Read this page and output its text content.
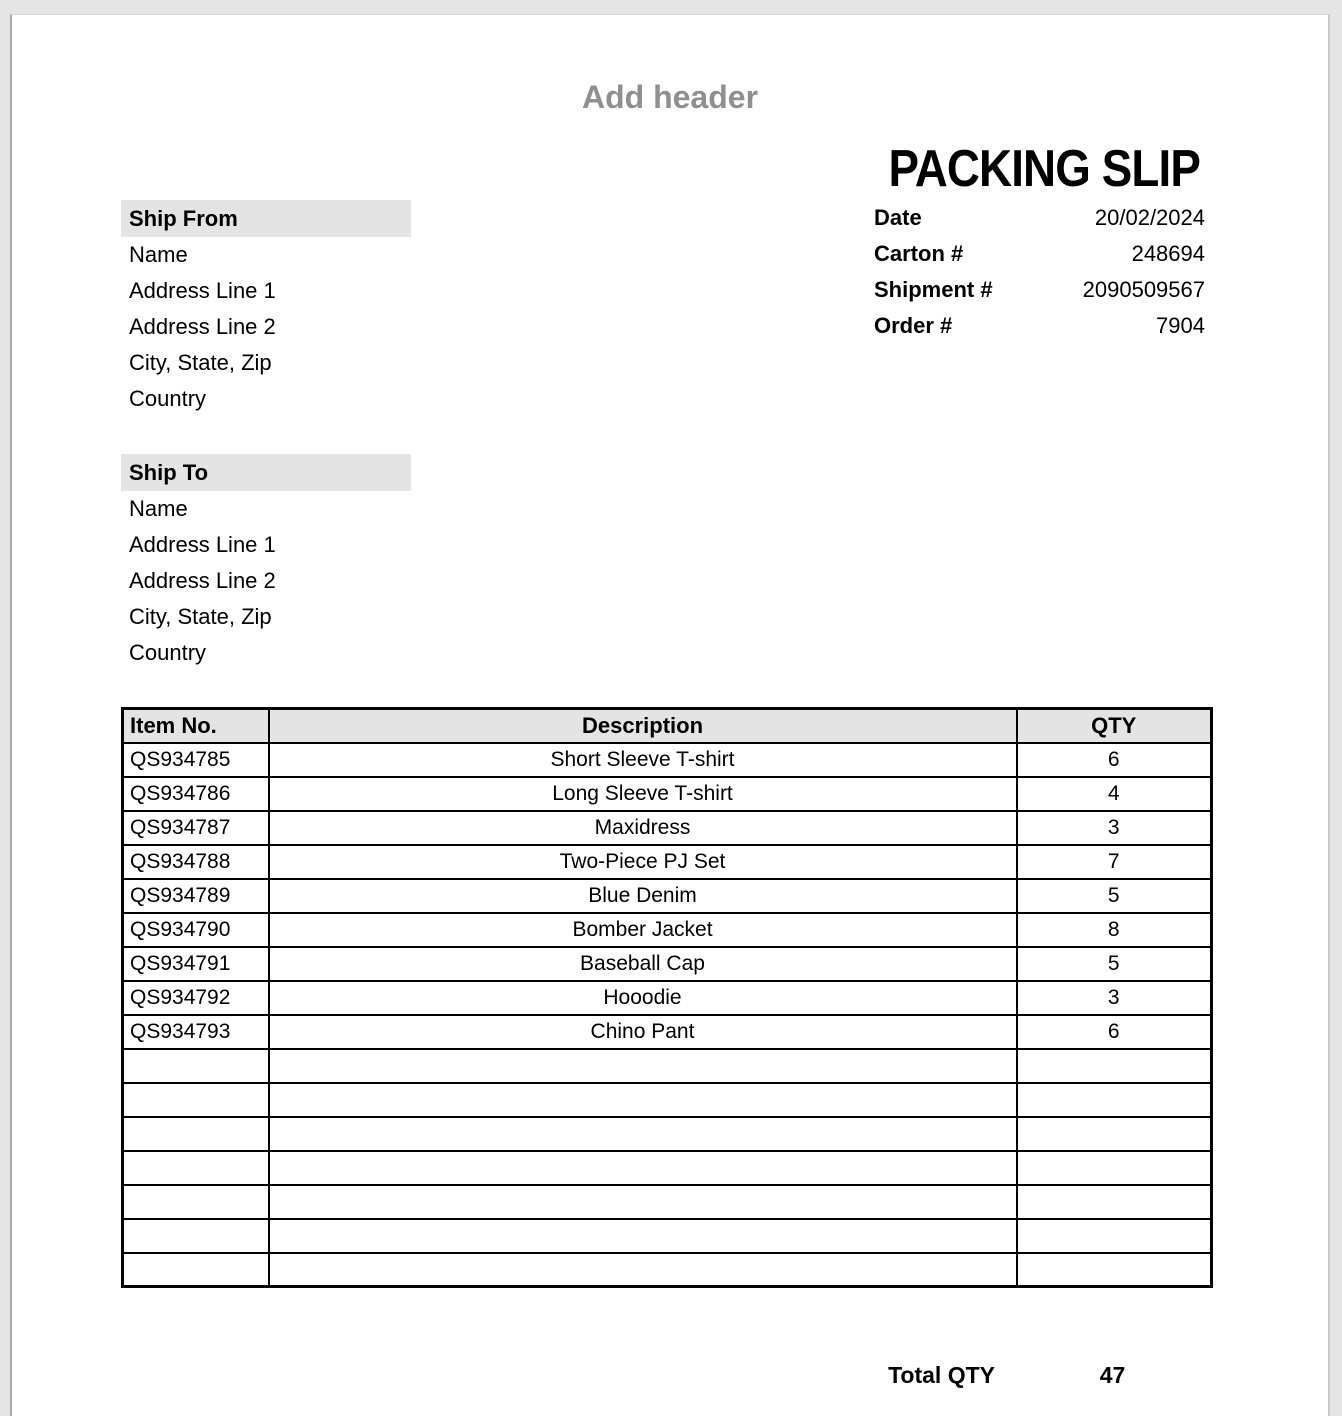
Add header
PACKING SLIP
Ship From
Name
Address Line 1
Address Line 2
City, State, Zip
Country
Date	20/02/2024
Carton #	248694
Shipment #	2090509567
Order #	7904
Ship To
Name
Address Line 1
Address Line 2
City, State, Zip
Country
Item No.	Description	QTY
QS934785	Short Sleeve T-shirt	6
QS934786	Long Sleeve T-shirt	4
QS934787	Maxidress	3
QS934788	Two-Piece PJ Set	7
QS934789	Blue Denim	5
QS934790	Bomber Jacket	8
QS934791	Baseball Cap	5
QS934792	Hooodie	3
QS934793	Chino Pant	6

Total QTY	47
